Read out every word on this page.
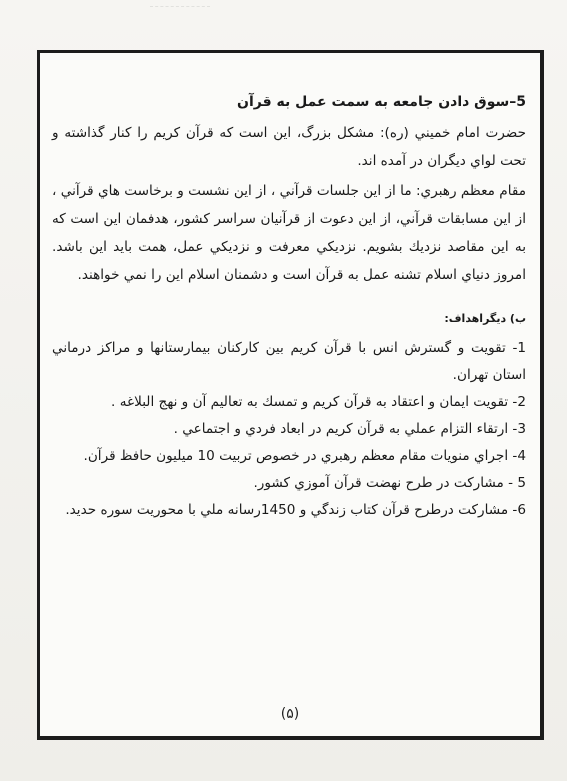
5–سوق دادن جامعه به سمت عمل به قرآن

حضرت امام خميني (ره): مشكل بزرگ، اين است كه قرآن كريم را كنار گذاشته و تحت لواي ديگران در آمده اند.

مقام معظم رهبري: ما از اين جلسات قرآني ، از اين نشست و برخاست هاي قرآني ، از اين مسابقات قرآني، از اين دعوت از قرآنيان سراسر كشور، هدفمان اين است كه به اين مقاصد نزديك بشويم. نزديكي معرفت و نزديكي عمل، همت بايد اين باشد. امروز دنياي اسلام تشنه عمل به قرآن است و دشمنان اسلام اين را نمي خواهند.

ب) ديگراهداف:

1- تقويت و گسترش انس با قرآن كريم بين كاركنان بيمارستانها و مراكز درماني استان تهران.

2- تقويت ايمان و اعتقاد به قرآن كريم و تمسك به تعاليم آن و نهج البلاغه .

3- ارتقاء التزام عملي به قرآن كريم در ابعاد فردي و اجتماعي .

4- اجراي منويات مقام معظم رهبري در خصوص تربيت 10 ميليون حافظ قرآن.

5 - مشاركت در طرح نهضت قرآن آموزي كشور.

6- مشاركت درطرح قرآن كتاب زندگي و 1450رسانه ملي با محوريت سوره حديد.

(۵)
